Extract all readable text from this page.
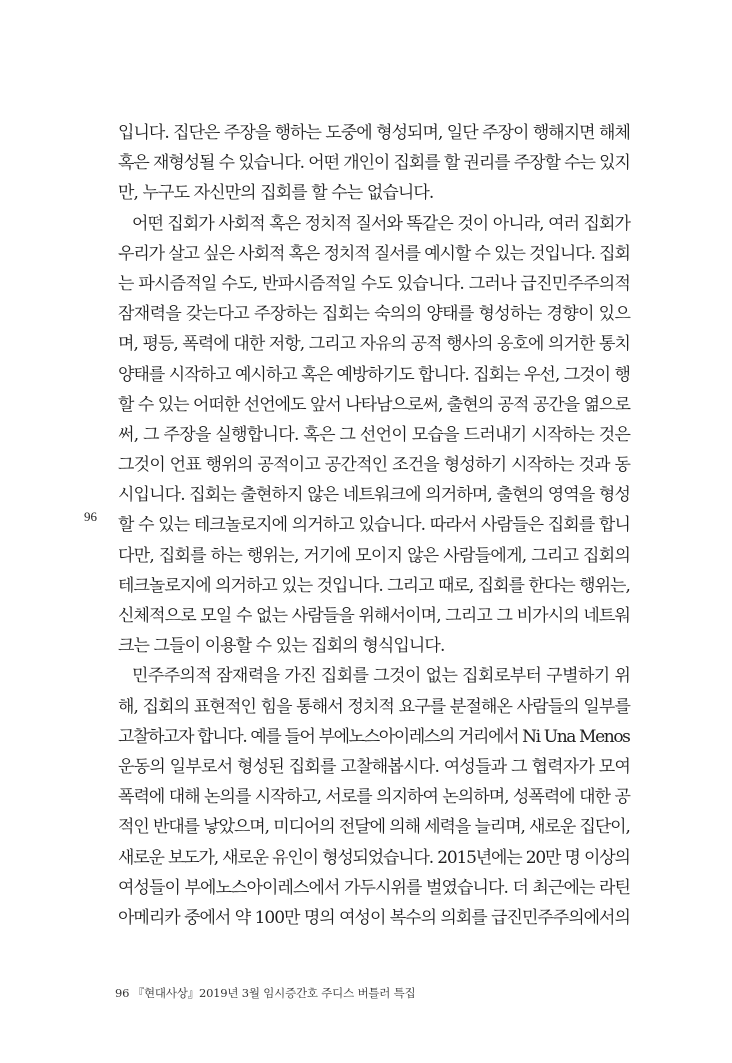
입니다. 집단은 주장을 행하는 도중에 형성되며, 일단 주장이 행해지면 해체
혹은 재형성될 수 있습니다. 어떤 개인이 집회를 할 권리를 주장할 수는 있지
만, 누구도 자신만의 집회를 할 수는 없습니다.
어떤 집회가 사회적 혹은 정치적 질서와 똑같은 것이 아니라, 여러 집회가
우리가 살고 싶은 사회적 혹은 정치적 질서를 예시할 수 있는 것입니다. 집회
는 파시즘적일 수도, 반파시즘적일 수도 있습니다. 그러나 급진민주주의적
잠재력을 갖는다고 주장하는 집회는 숙의의 양태를 형성하는 경향이 있으
며, 평등, 폭력에 대한 저항, 그리고 자유의 공적 행사의 옹호에 의거한 통치
양태를 시작하고 예시하고 혹은 예방하기도 합니다. 집회는 우선, 그것이 행
할 수 있는 어떠한 선언에도 앞서 나타남으로써, 출현의 공적 공간을 엶으로
써, 그 주장을 실행합니다. 혹은 그 선언이 모습을 드러내기 시작하는 것은
그것이 언표 행위의 공적이고 공간적인 조건을 형성하기 시작하는 것과 동
시입니다. 집회는 출현하지 않은 네트워크에 의거하며, 출현의 영역을 형성
할 수 있는 테크놀로지에 의거하고 있습니다. 따라서 사람들은 집회를 합니
다만, 집회를 하는 행위는, 거기에 모이지 않은 사람들에게, 그리고 집회의
테크놀로지에 의거하고 있는 것입니다. 그리고 때로, 집회를 한다는 행위는,
신체적으로 모일 수 없는 사람들을 위해서이며, 그리고 그 비가시의 네트워
크는 그들이 이용할 수 있는 집회의 형식입니다.
민주주의적 잠재력을 가진 집회를 그것이 없는 집회로부터 구별하기 위
해, 집회의 표현적인 힘을 통해서 정치적 요구를 분절해온 사람들의 일부를
고찰하고자 합니다. 예를 들어 부에노스아이레스의 거리에서 Ni Una Menos
운동의 일부로서 형성된 집회를 고찰해봅시다. 여성들과 그 협력자가 모여
폭력에 대해 논의를 시작하고, 서로를 의지하여 논의하며, 성폭력에 대한 공
적인 반대를 낳았으며, 미디어의 전달에 의해 세력을 늘리며, 새로운 집단이,
새로운 보도가, 새로운 유인이 형성되었습니다. 2015년에는 20만 명 이상의
여성들이 부에노스아이레스에서 가두시위를 벌였습니다. 더 최근에는 라틴
아메리카 중에서 약 100만 명의 여성이 복수의 의회를 급진민주주의에서의
96
96 『현대사상』2019년 3월 임시증간호 주디스 버틀러 특집
